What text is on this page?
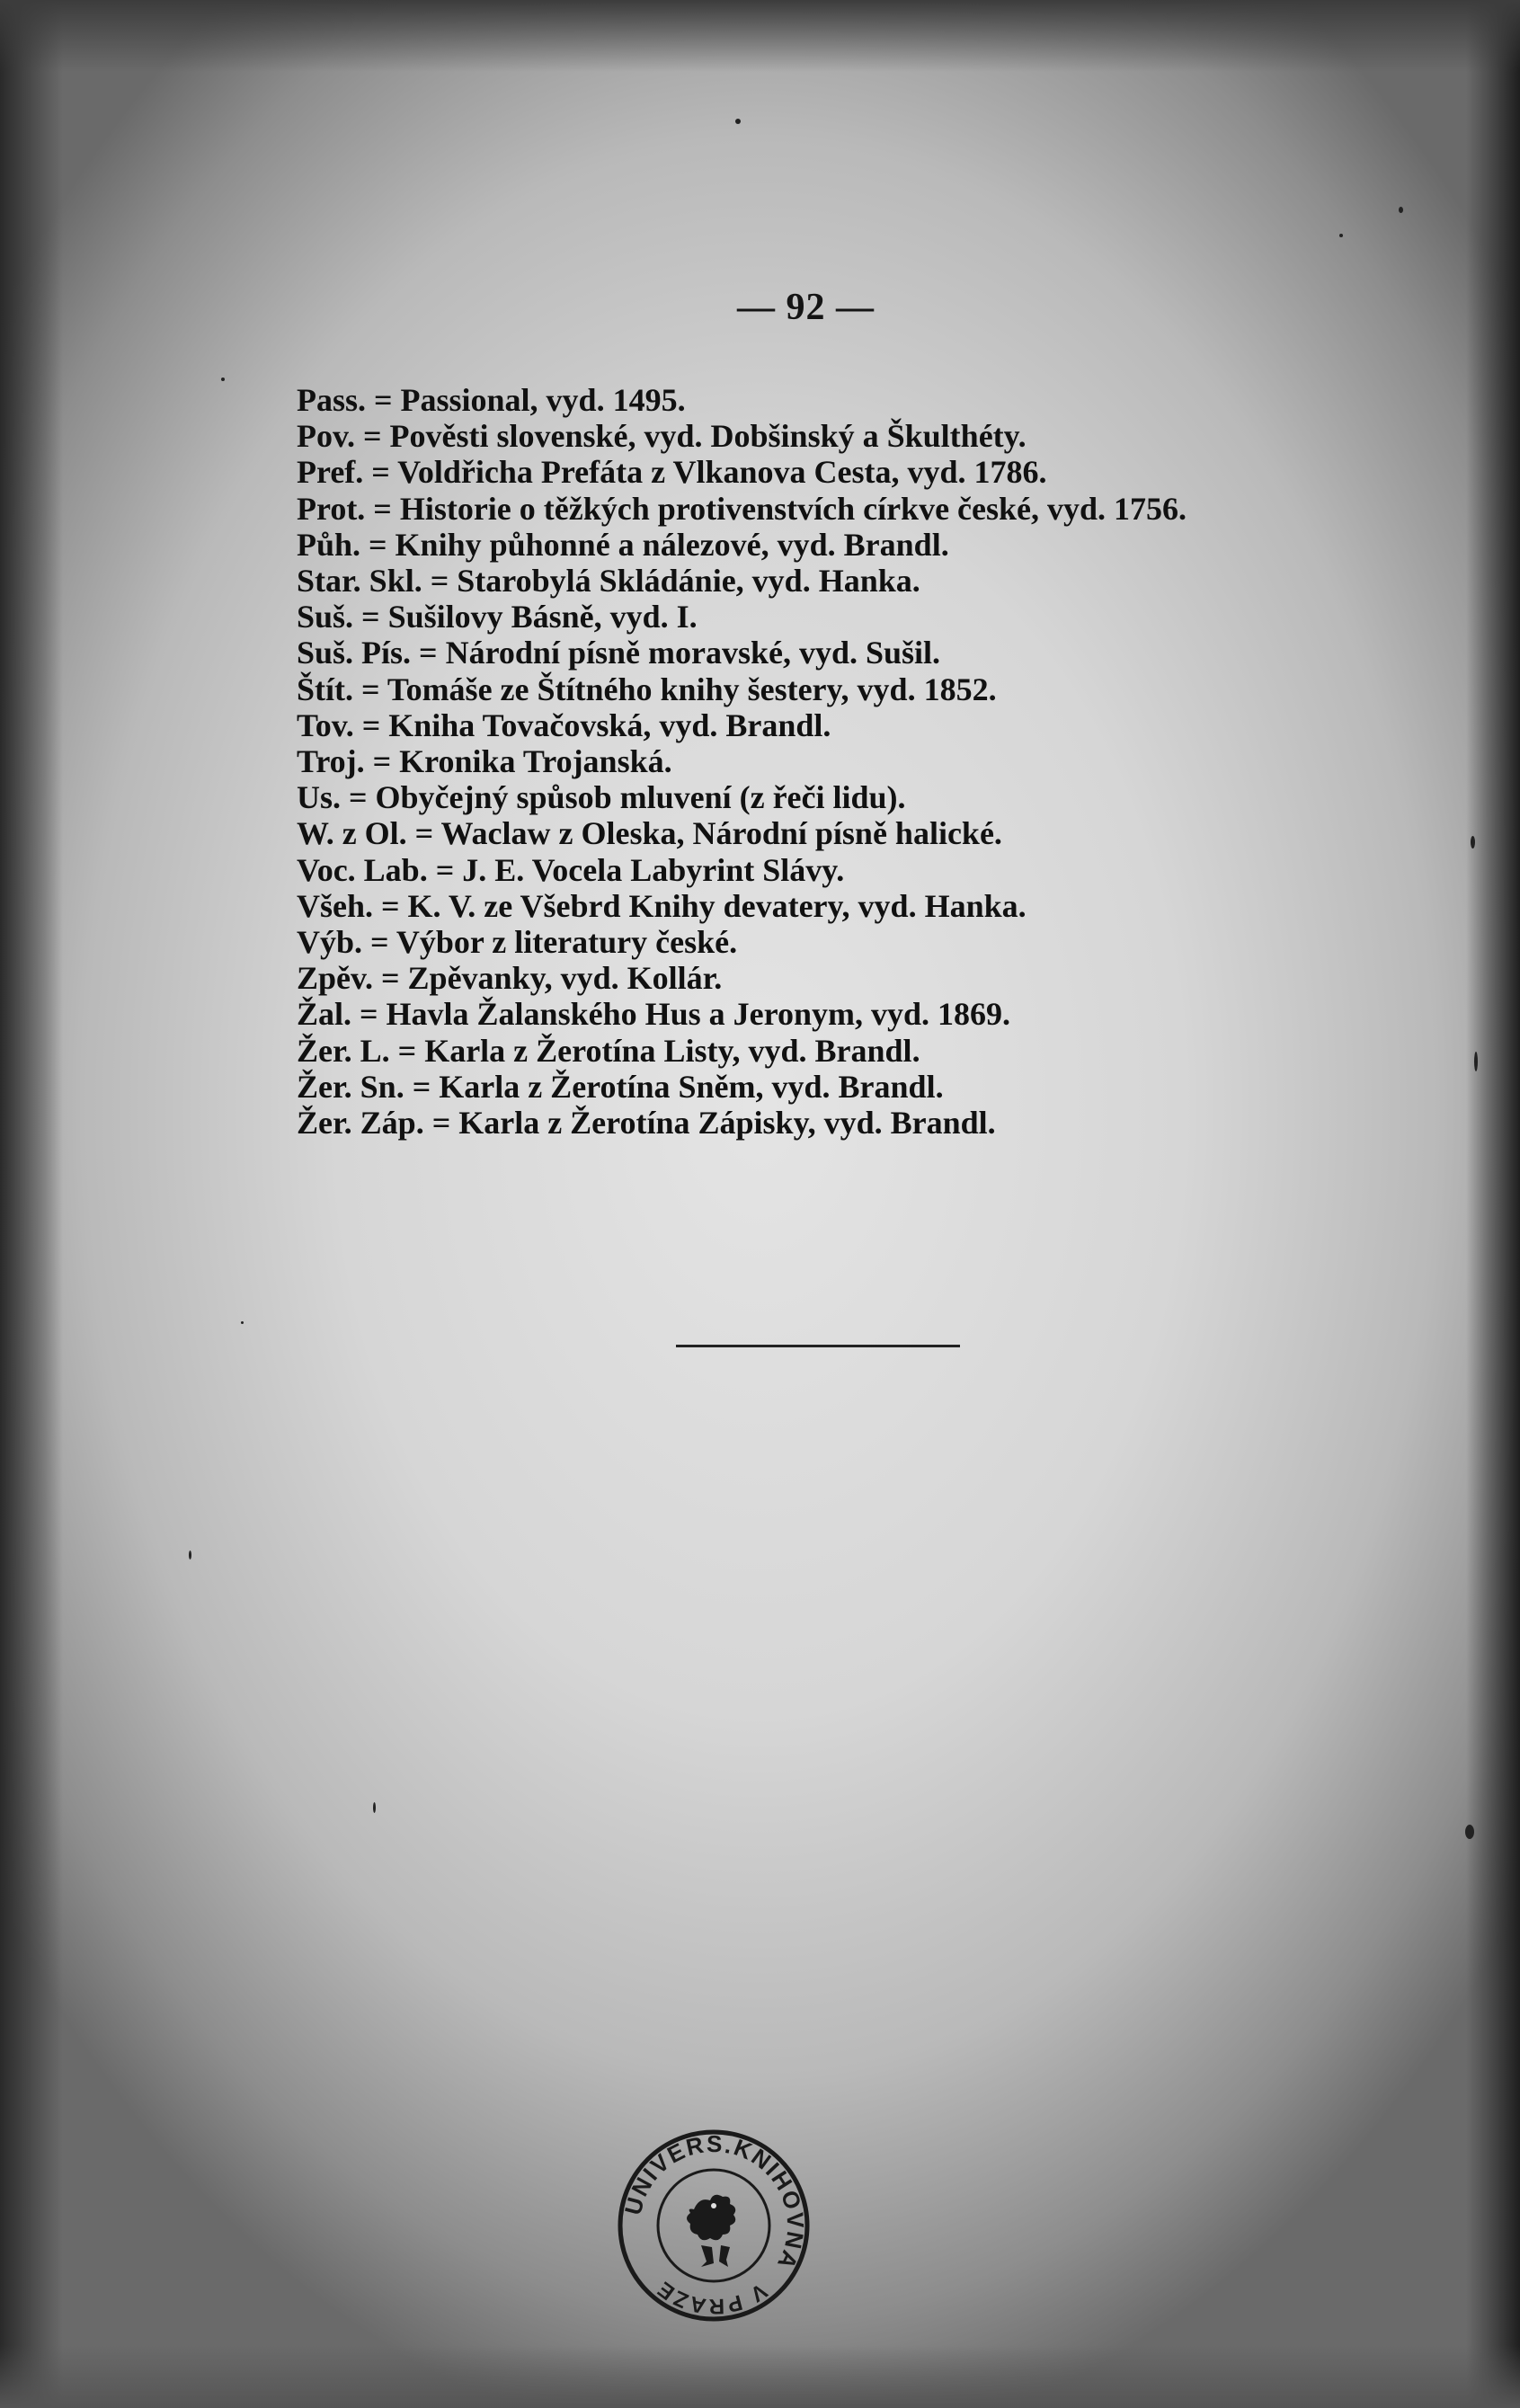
— 92 —
Pass. = Passional, vyd. 1495.
Pov. = Pověsti slovenské, vyd. Dobšinský a Škulthéty.
Pref. = Voldřicha Prefáta z Vlkanova Cesta, vyd. 1786.
Prot. = Historie o těžkých protivenstvích církve české, vyd. 1756.
Půh. = Knihy půhonné a nálezové, vyd. Brandl.
Star. Skl. = Starobylá Skládánie, vyd. Hanka.
Suš. = Sušilovy Básně, vyd. I.
Suš. Pís. = Národní písně moravské, vyd. Sušil.
Štít. = Tomáše ze Štítného knihy šestery, vyd. 1852.
Tov. = Kniha Tovačovská, vyd. Brandl.
Troj. = Kronika Trojanská.
Us. = Obyčejný spůsob mluvení (z řeči lidu).
W. z Ol. = Waclaw z Oleska, Národní písně halické.
Voc. Lab. = J. E. Vocela Labyrint Slávy.
Všeh. = K. V. ze Všebrd Knihy devatery, vyd. Hanka.
Výb. = Výbor z literatury české.
Zpěv. = Zpěvanky, vyd. Kollár.
Žal. = Havla Žalanského Hus a Jeronym, vyd. 1869.
Žer. L. = Karla z Žerotína Listy, vyd. Brandl.
Žer. Sn. = Karla z Žerotína Sněm, vyd. Brandl.
Žer. Záp. = Karla z Žerotína Zápisky, vyd. Brandl.
UNIVERS.KNIHOVNA
V PRAZE
